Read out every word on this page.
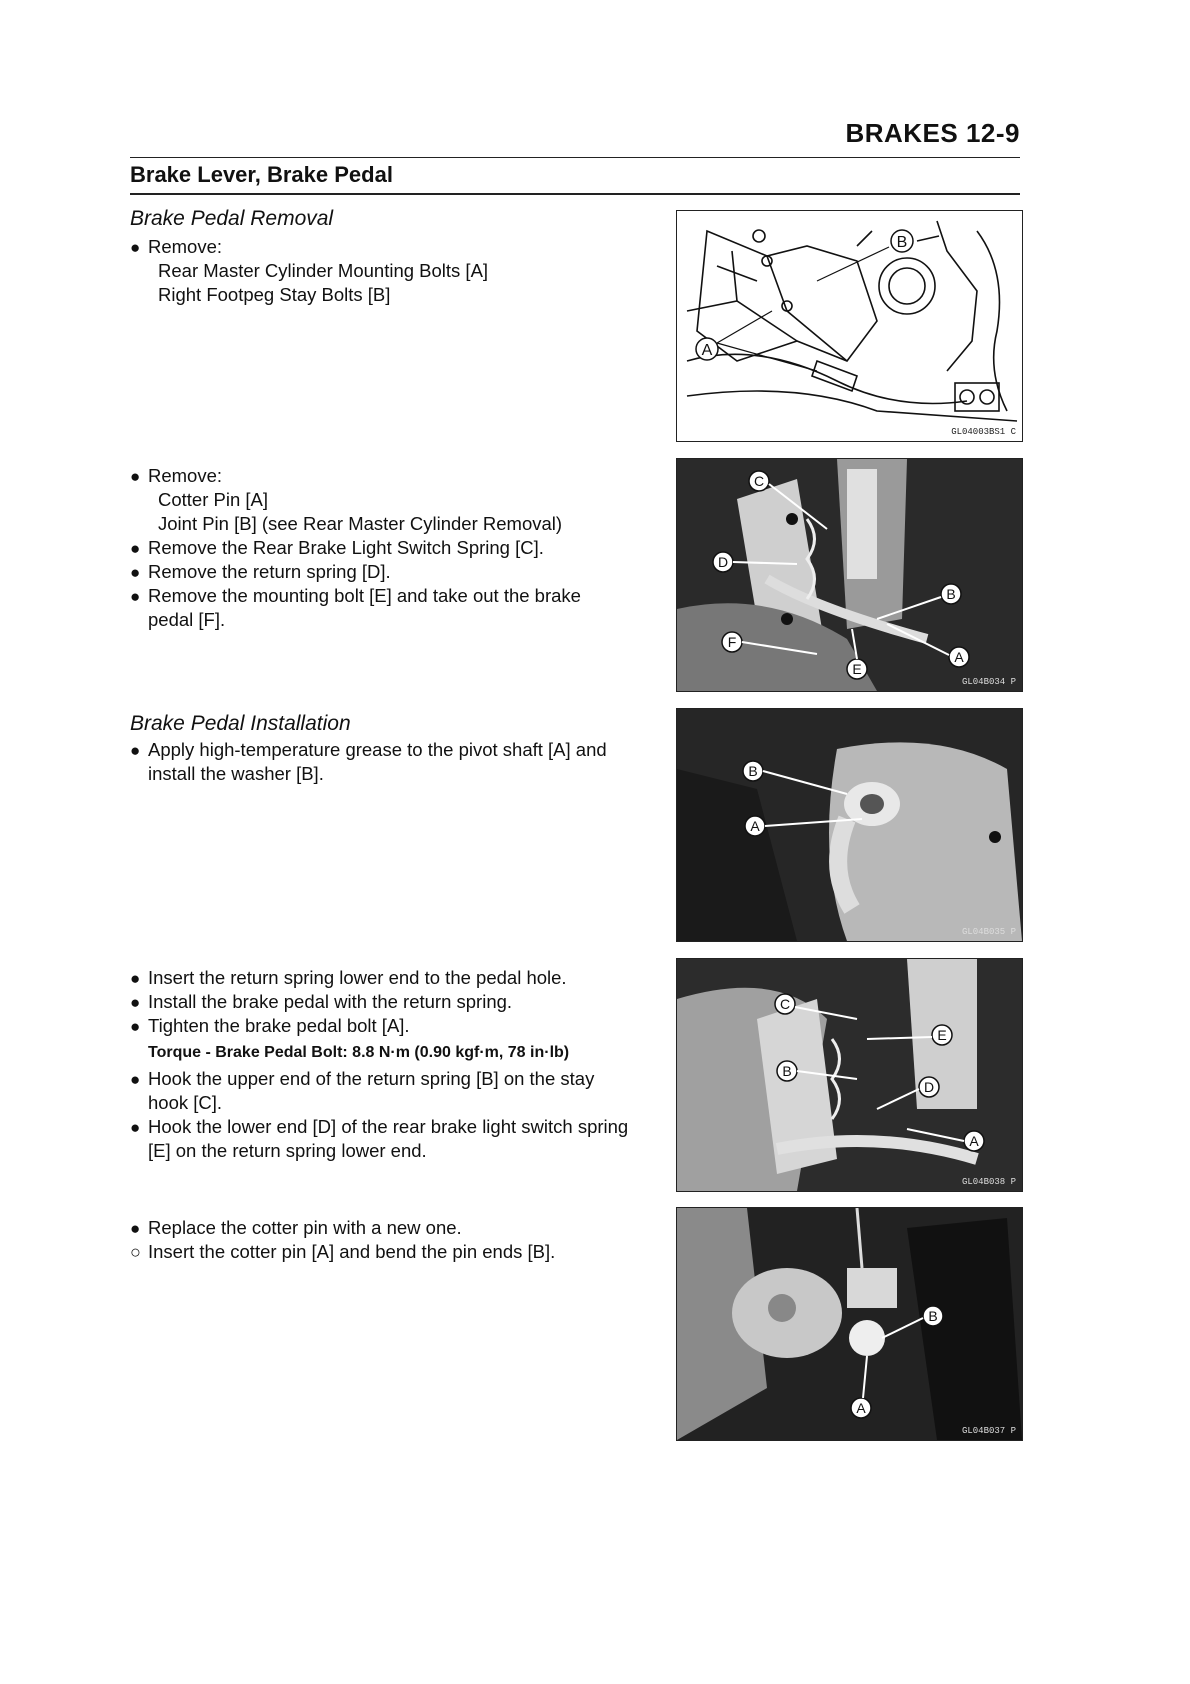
BRAKES 12-9
Brake Lever, Brake Pedal
Brake Pedal Removal
● Remove:
Rear Master Cylinder Mounting Bolts [A]
Right Footpeg Stay Bolts [B]
● Remove:
Cotter Pin [A]
Joint Pin [B] (see Rear Master Cylinder Removal)
● Remove the Rear Brake Light Switch Spring [C].
● Remove the return spring [D].
● Remove the mounting bolt [E] and take out the brake
pedal [F].
Brake Pedal Installation
● Apply high-temperature grease to the pivot shaft [A] and
install the washer [B].
● Insert the return spring lower end to the pedal hole.
● Install the brake pedal with the return spring.
● Tighten the brake pedal bolt [A].
Torque - Brake Pedal Bolt: 8.8 N·m (0.90 kgf·m, 78 in·lb)
● Hook the upper end of the return spring [B] on the stay
hook [C].
● Hook the lower end [D] of the rear brake light switch spring
[E] on the return spring lower end.
● Replace the cotter pin with a new one.
○ Insert the cotter pin [A] and bend the pin ends [B].
B
A
GL04003BS1 C
C
D
B
F
A
E
GL04B034 P
B
A
GL04B035 P
C
E
B
D
A
GL04B038 P
B
A
GL04B037 P
